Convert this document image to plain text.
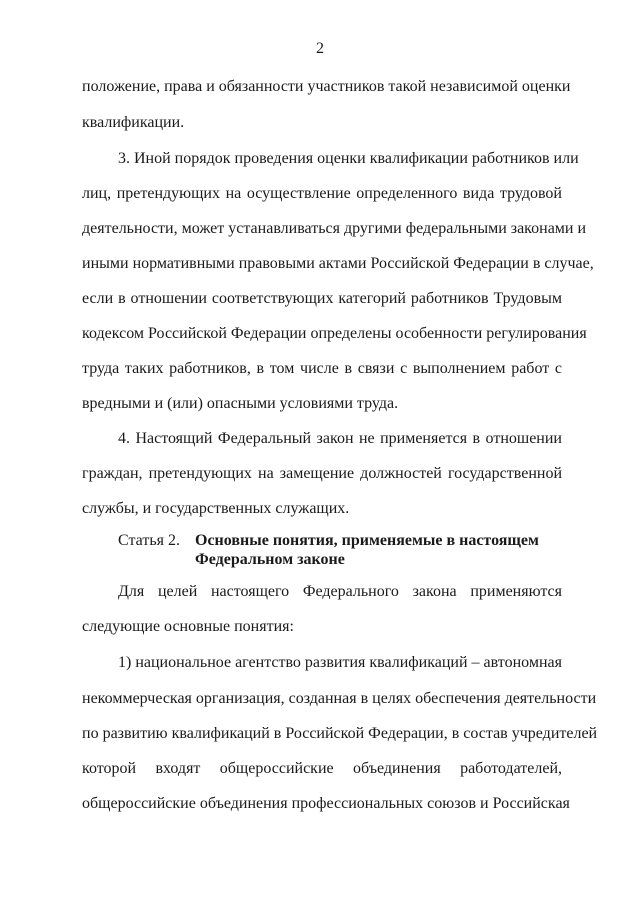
2
положение, права и обязанности участников такой независимой оценки
квалификации.
3. Иной порядок проведения оценки квалификации работников или
лиц, претендующих на осуществление определенного вида трудовой
деятельности, может устанавливаться другими федеральными законами и
иными нормативными правовыми актами Российской Федерации в случае,
если в отношении соответствующих категорий работников Трудовым
кодексом Российской Федерации определены особенности регулирования
труда таких работников, в том числе в связи с выполнением работ с
вредными и (или) опасными условиями труда.
4. Настоящий Федеральный закон не применяется в отношении
граждан, претендующих на замещение должностей государственной
службы, и государственных служащих.
Статья 2. Основные понятия, применяемые в настоящем
Федеральном законе
Для целей настоящего Федерального закона применяются
следующие основные понятия:
1) национальное агентство развития квалификаций – автономная
некоммерческая организация, созданная в целях обеспечения деятельности
по развитию квалификаций в Российской Федерации, в состав учредителей
которой входят общероссийские объединения работодателей,
общероссийские объединения профессиональных союзов и Российская
